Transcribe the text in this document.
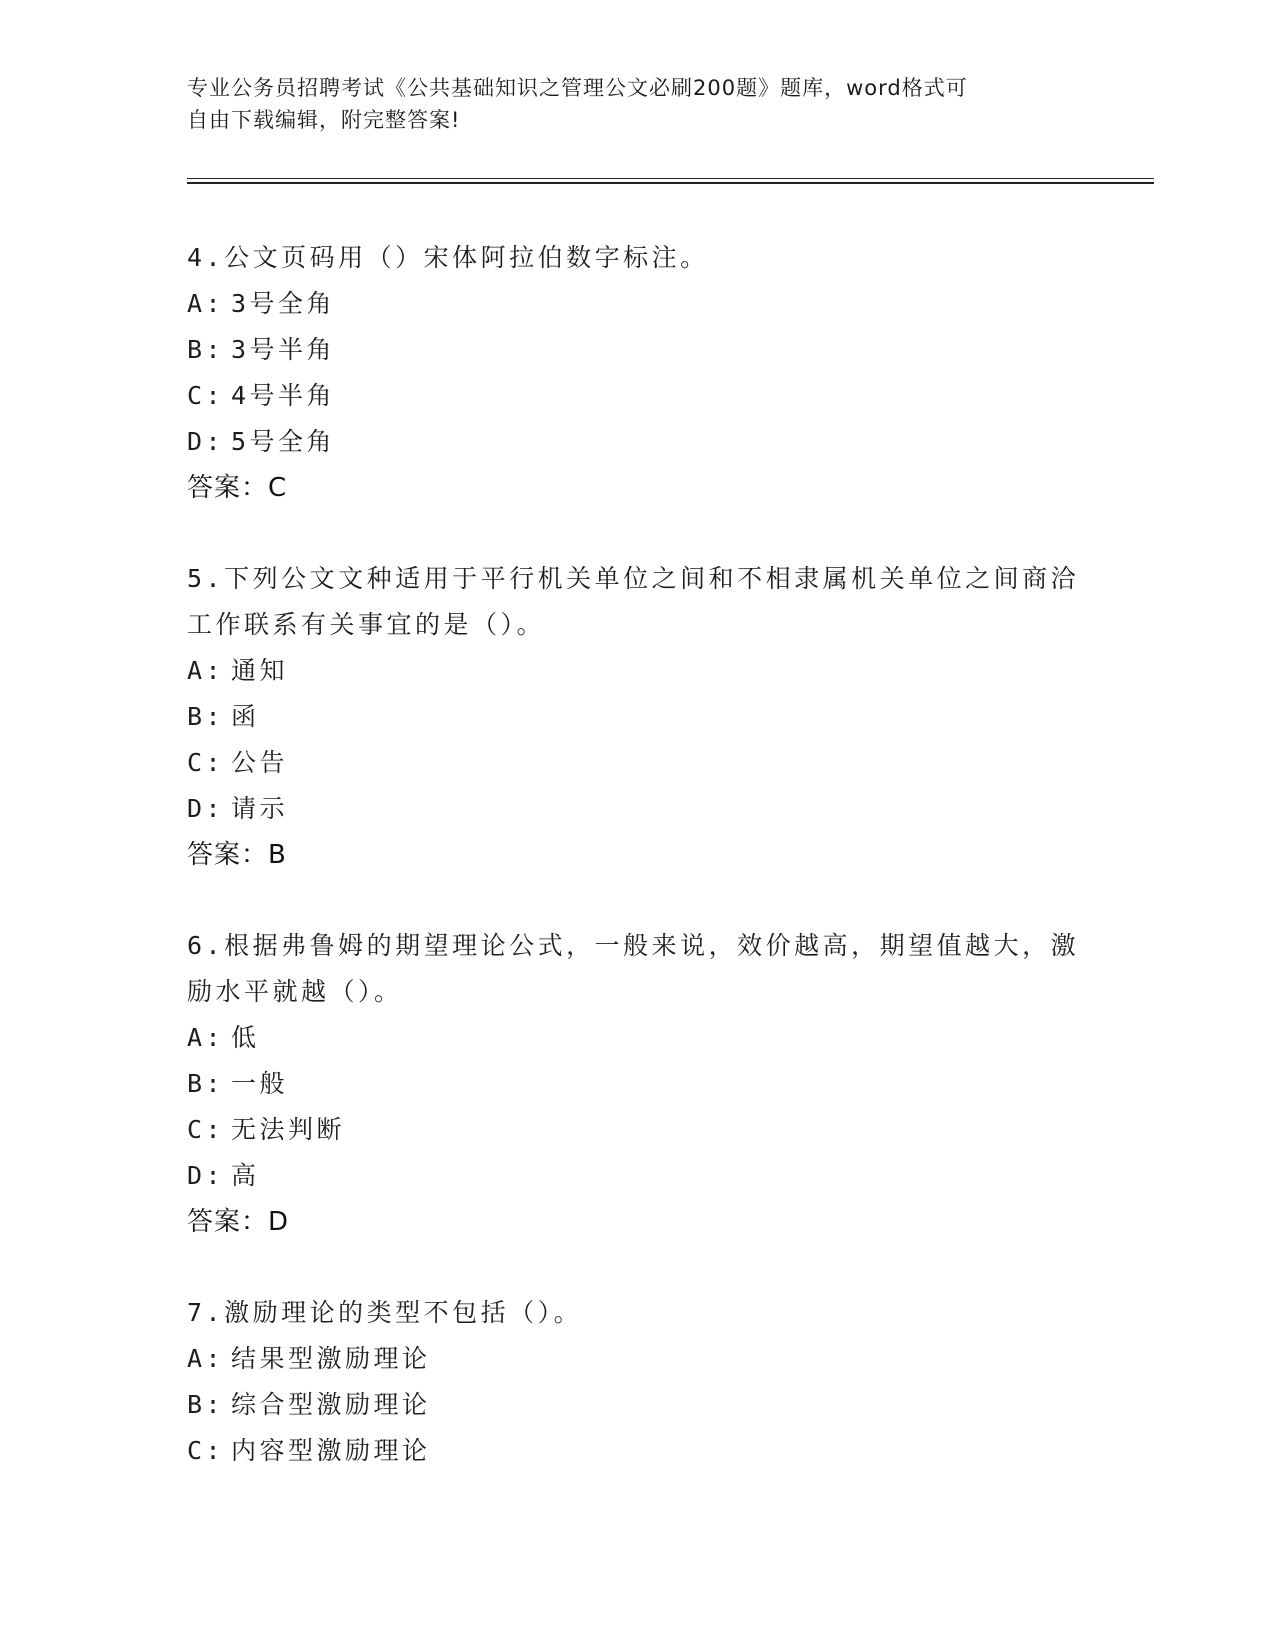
专业公务员招聘考试《公共基础知识之管理公文必刷200题》题库，word格式可
自由下载编辑，附完整答案!
4.公文页码用（）宋体阿拉伯数字标注。
A: 3号全角
B: 3号半角
C: 4号半角
D: 5号全角
答案：C
5.下列公文文种适用于平行机关单位之间和不相隶属机关单位之间商洽工作联系有关事宜的是（）。
A: 通知
B: 函
C: 公告
D: 请示
答案：B
6.根据弗鲁姆的期望理论公式，一般来说，效价越高，期望值越大，激励水平就越（）。
A: 低
B: 一般
C: 无法判断
D: 高
答案：D
7.激励理论的类型不包括（）。
A: 结果型激励理论
B: 综合型激励理论
C: 内容型激励理论
